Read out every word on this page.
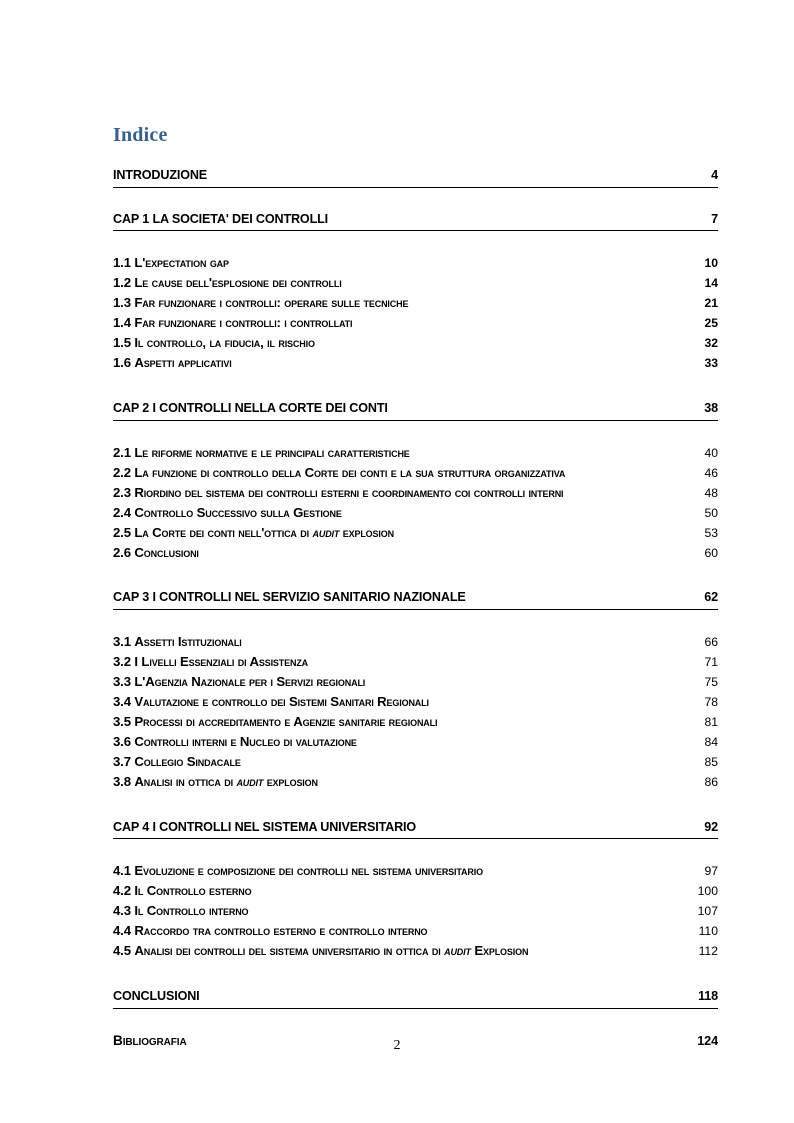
Indice
INTRODUZIONE	4
CAP 1 LA SOCIETA' DEI CONTROLLI	7
1.1 L'expectation gap	10
1.2 Le cause dell'esplosione dei controlli	14
1.3 Far funzionare i controlli: operare sulle tecniche	21
1.4 Far funzionare i controlli: i controllati	25
1.5 Il controllo, la fiducia, il rischio	32
1.6 Aspetti applicativi	33
CAP 2 I CONTROLLI NELLA CORTE DEI CONTI	38
2.1 Le riforme normative e le principali caratteristiche	40
2.2 La funzione di controllo della Corte dei conti e la sua struttura organizzativa	46
2.3 Riordino del sistema dei controlli esterni e coordinamento coi controlli interni	48
2.4 Controllo Successivo sulla Gestione	50
2.5 La Corte dei conti nell'ottica di audit explosion	53
2.6 Conclusioni	60
CAP 3 I CONTROLLI NEL SERVIZIO SANITARIO NAZIONALE	62
3.1 Assetti Istituzionali	66
3.2 I Livelli Essenziali di Assistenza	71
3.3 L'Agenzia Nazionale per i Servizi regionali	75
3.4 Valutazione e controllo dei Sistemi Sanitari Regionali	78
3.5 Processi di accreditamento e Agenzie sanitarie regionali	81
3.6 Controlli interni e Nucleo di valutazione	84
3.7 Collegio Sindacale	85
3.8 Analisi in ottica di audit explosion	86
CAP 4 I CONTROLLI NEL SISTEMA UNIVERSITARIO	92
4.1 Evoluzione e composizione dei controlli nel sistema universitario	97
4.2 Il Controllo esterno	100
4.3 Il Controllo interno	107
4.4 Raccordo tra controllo esterno e controllo interno	110
4.5 Analisi dei controlli del sistema universitario in ottica di audit Explosion	112
CONCLUSIONI	118
Bibliografia	124
2
